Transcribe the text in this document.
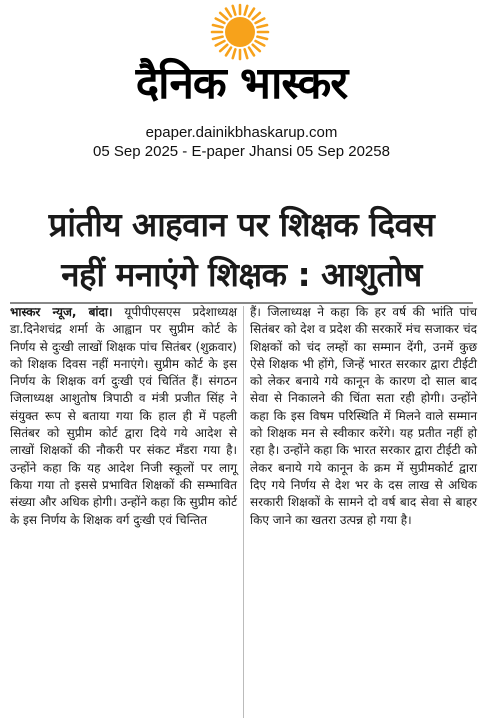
दैनिक भास्कर
epaper.dainikbhaskarup.com
05 Sep 2025 - E-paper Jhansi 05 Sep 20258
प्रांतीय आहवान पर शिक्षक दिवस
नहीं मनाएंगे शिक्षक : आशुतोष

भास्कर न्यूज, बांदा। यूपीपीएसएस प्रदेशाध्यक्ष डा.दिनेशचंद्र शर्मा के आह्वान पर सुप्रीम कोर्ट के निर्णय से दुःखी लाखों शिक्षक पांच सितंबर (शुक्रवार) को शिक्षक दिवस नहीं मनाएंगे। सुप्रीम कोर्ट के इस निर्णय के शिक्षक वर्ग दुःखी एवं चितिंत हैं। संगठन जिलाध्यक्ष आशुतोष त्रिपाठी व मंत्री प्रजीत सिंह ने संयुक्त रूप से बताया गया कि हाल ही में पहली सितंबर को सुप्रीम कोर्ट द्वारा दिये गये आदेश से लाखों शिक्षकों की नौकरी पर संकट मँडरा गया है। उन्होंने कहा कि यह आदेश निजी स्कूलों पर लागू किया गया तो इससे प्रभावित शिक्षकों की सम्भावित संख्या और अधिक होगी। उन्होंने कहा कि सुप्रीम कोर्ट के इस निर्णय के शिक्षक वर्ग दुःखी एवं चिन्तित

हैं। जिलाध्यक्ष ने कहा कि हर वर्ष की भांति पांच सितंबर को देश व प्रदेश की सरकारें मंच सजाकर चंद शिक्षकों को चंद लम्हों का सम्मान देंगी, उनमें कुछ ऐसे शिक्षक भी होंगे, जिन्हें भारत सरकार द्वारा टीईटी को लेकर बनाये गये कानून के कारण दो साल बाद सेवा से निकालने की चिंता सता रही होगी। उन्होंने कहा कि इस विषम परिस्थिति में मिलने वाले सम्मान को शिक्षक मन से स्वीकार करेंगे। यह प्रतीत नहीं हो रहा है। उन्होंने कहा कि भारत सरकार द्वारा टीईटी को लेकर बनाये गये कानून के क्रम में सुप्रीमकोर्ट द्वारा दिए गये निर्णय से देश भर के दस लाख से अधिक सरकारी शिक्षकों के सामने दो वर्ष बाद सेवा से बाहर किए जाने का खतरा उत्पन्न हो गया है।
